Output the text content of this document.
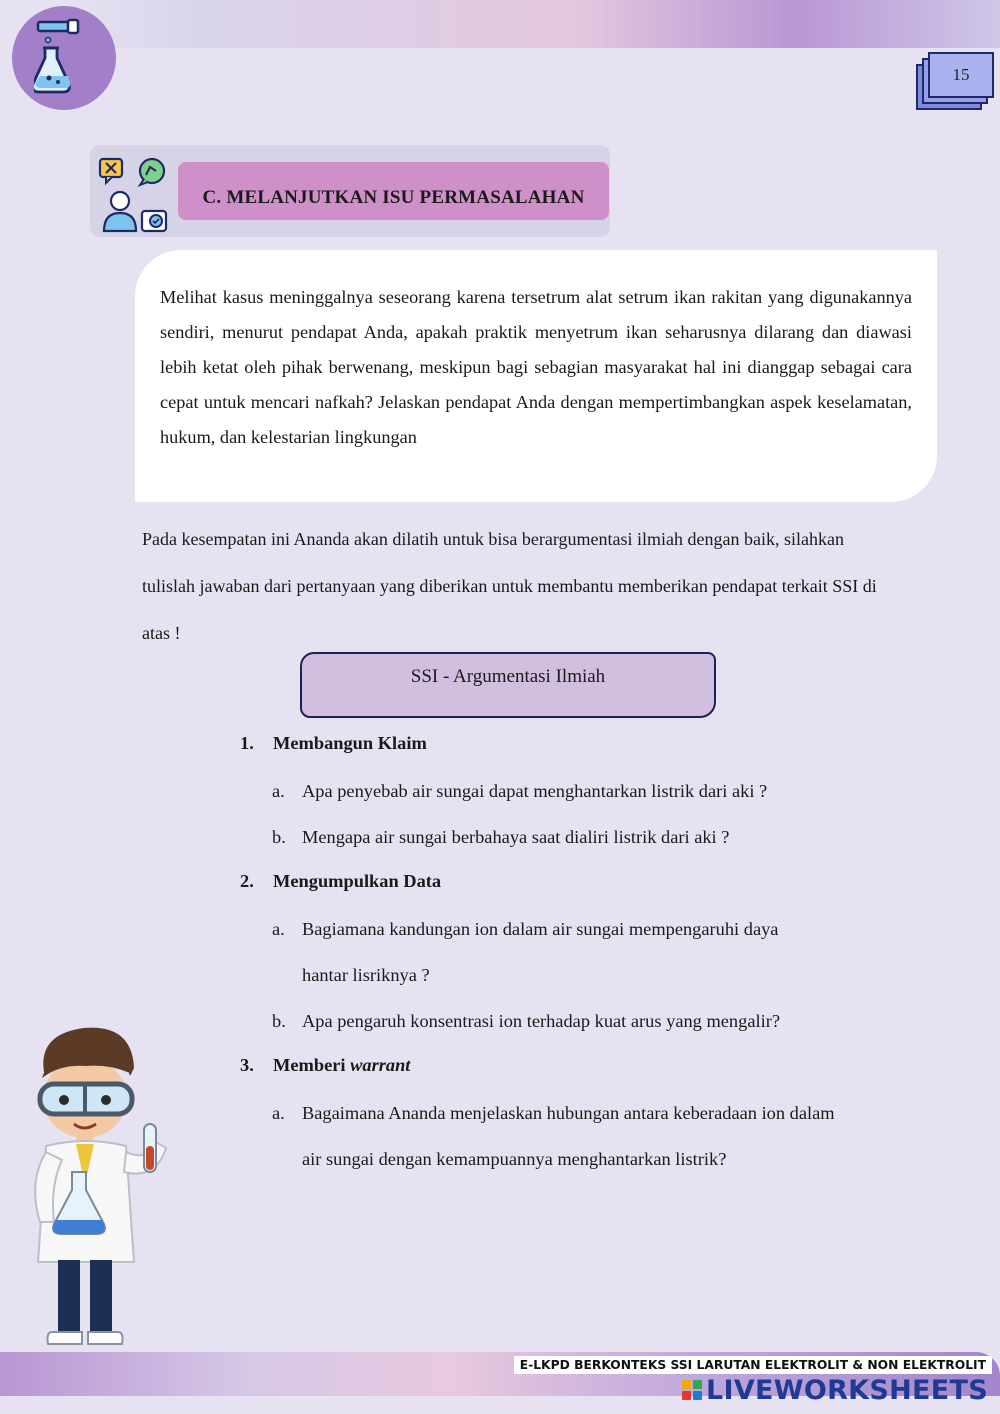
15
C. MELANJUTKAN ISU PERMASALAHAN

Melihat kasus meninggalnya seseorang karena tersetrum alat setrum ikan rakitan yang digunakannya sendiri, menurut pendapat Anda, apakah praktik menyetrum ikan seharusnya dilarang dan diawasi lebih ketat oleh pihak berwenang, meskipun bagi sebagian masyarakat hal ini dianggap sebagai cara cepat untuk mencari nafkah? Jelaskan pendapat Anda dengan mempertimbangkan aspek keselamatan, hukum, dan kelestarian lingkungan

Pada kesempatan ini Ananda akan dilatih untuk bisa berargumentasi ilmiah dengan baik, silahkan tulislah jawaban dari pertanyaan yang diberikan untuk membantu memberikan pendapat terkait SSI di atas !

SSI - Argumentasi Ilmiah
1.	Membangun Klaim
a. Apa penyebab air sungai dapat menghantarkan listrik dari aki ?
b. Mengapa air sungai berbahaya saat dialiri listrik dari aki ?
2.	Mengumpulkan Data
a. Bagiamana kandungan ion dalam air sungai mempengaruhi daya hantar lisriknya ?
b. Apa pengaruh konsentrasi ion terhadap kuat arus yang mengalir?
3.	Memberi warrant
a. Bagaimana Ananda menjelaskan hubungan antara keberadaan ion dalam air sungai dengan kemampuannya menghantarkan listrik?
E-LKPD BERKONTEKS SSI LARUTAN ELEKTROLIT & NON ELEKTROLIT
LIVEWORKSHEETS
